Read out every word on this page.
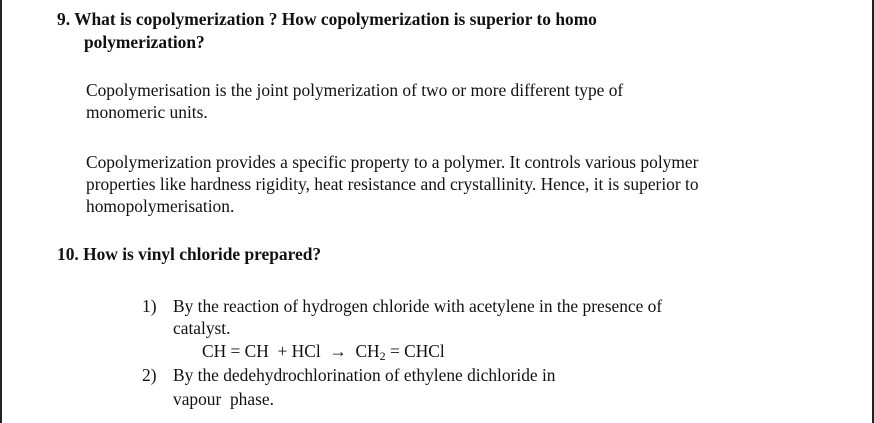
9. What is copolymerization ? How copolymerization is superior to homo
polymerization?
Copolymerisation is the joint polymerization of two or more different type of
monomeric units.
Copolymerization provides a specific property to a polymer. It controls various polymer
properties like hardness rigidity, heat resistance and crystallinity. Hence, it is superior to
homopolymerisation.
10. How is vinyl chloride prepared?
1) By the reaction of hydrogen chloride with acetylene in the presence of
catalyst.
CH = CH  + HCl  →  $CH_2$ = CHCl
2) By the dedehydrochlorination of ethylene dichloride in
vapour  phase.
